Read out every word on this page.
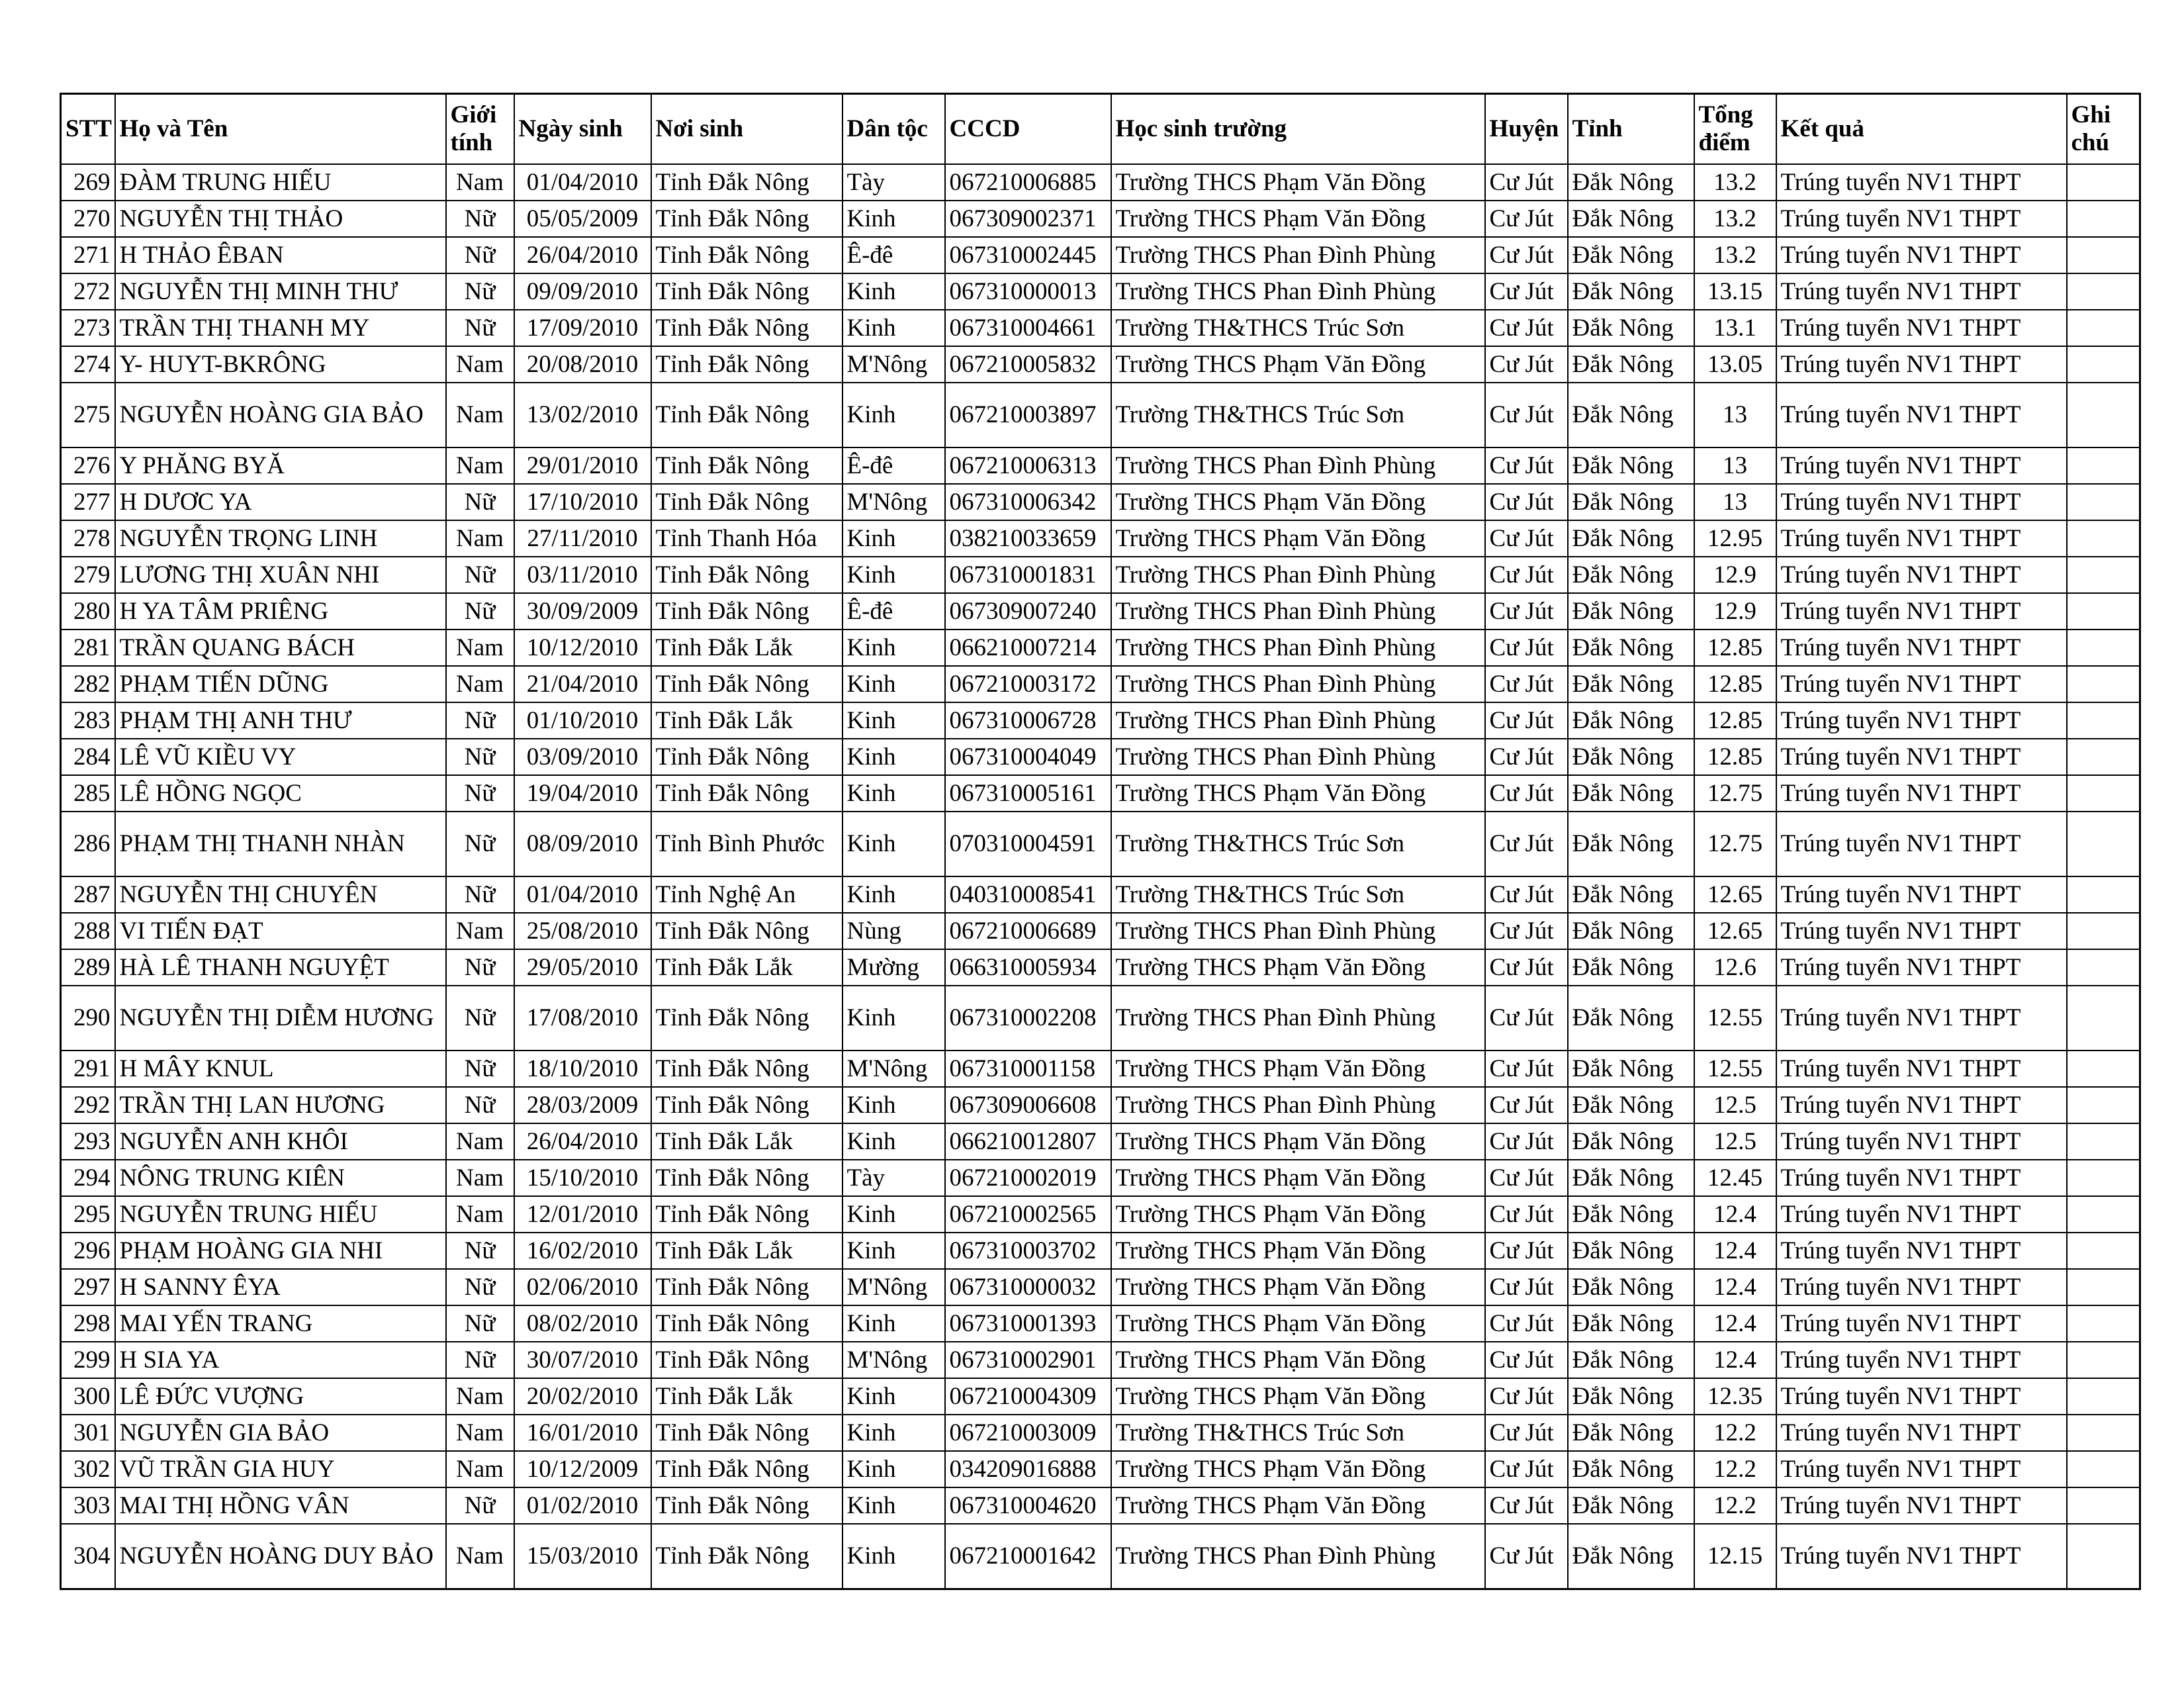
STT	Họ và Tên	Giới tính	Ngày sinh	Nơi sinh	Dân tộc	CCCD	Học sinh trường	Huyện	Tỉnh	Tổng điểm	Kết quả	Ghi chú
269	ĐÀM TRUNG HIẾU	Nam	01/04/2010	Tỉnh Đắk Nông	Tày	067210006885	Trường THCS Phạm Văn Đồng	Cư Jút	Đắk Nông	13.2	Trúng tuyển NV1 THPT	
270	NGUYỄN THỊ THẢO	Nữ	05/05/2009	Tỉnh Đắk Nông	Kinh	067309002371	Trường THCS Phạm Văn Đồng	Cư Jút	Đắk Nông	13.2	Trúng tuyển NV1 THPT	
271	H THẢO ÊBAN	Nữ	26/04/2010	Tỉnh Đắk Nông	Ê-đê	067310002445	Trường THCS Phan Đình Phùng	Cư Jút	Đắk Nông	13.2	Trúng tuyển NV1 THPT	
272	NGUYỄN THỊ MINH THƯ	Nữ	09/09/2010	Tỉnh Đắk Nông	Kinh	067310000013	Trường THCS Phan Đình Phùng	Cư Jút	Đắk Nông	13.15	Trúng tuyển NV1 THPT	
273	TRẦN THỊ THANH MY	Nữ	17/09/2010	Tỉnh Đắk Nông	Kinh	067310004661	Trường TH&THCS Trúc Sơn	Cư Jút	Đắk Nông	13.1	Trúng tuyển NV1 THPT	
274	Y- HUYT-BKRÔNG	Nam	20/08/2010	Tỉnh Đắk Nông	M'Nông	067210005832	Trường THCS Phạm Văn Đồng	Cư Jút	Đắk Nông	13.05	Trúng tuyển NV1 THPT	
275	NGUYỄN HOÀNG GIA BẢO	Nam	13/02/2010	Tỉnh Đắk Nông	Kinh	067210003897	Trường TH&THCS Trúc Sơn	Cư Jút	Đắk Nông	13	Trúng tuyển NV1 THPT	
276	Y PHĂNG BYĂ	Nam	29/01/2010	Tỉnh Đắk Nông	Ê-đê	067210006313	Trường THCS Phan Đình Phùng	Cư Jút	Đắk Nông	13	Trúng tuyển NV1 THPT	
277	H DƯƠC YA	Nữ	17/10/2010	Tỉnh Đắk Nông	M'Nông	067310006342	Trường THCS Phạm Văn Đồng	Cư Jút	Đắk Nông	13	Trúng tuyển NV1 THPT	
278	NGUYỄN TRỌNG LINH	Nam	27/11/2010	Tỉnh Thanh Hóa	Kinh	038210033659	Trường THCS Phạm Văn Đồng	Cư Jút	Đắk Nông	12.95	Trúng tuyển NV1 THPT	
279	LƯƠNG THỊ XUÂN NHI	Nữ	03/11/2010	Tỉnh Đắk Nông	Kinh	067310001831	Trường THCS Phan Đình Phùng	Cư Jút	Đắk Nông	12.9	Trúng tuyển NV1 THPT	
280	H YA TÂM PRIÊNG	Nữ	30/09/2009	Tỉnh Đắk Nông	Ê-đê	067309007240	Trường THCS Phan Đình Phùng	Cư Jút	Đắk Nông	12.9	Trúng tuyển NV1 THPT	
281	TRẦN QUANG BÁCH	Nam	10/12/2010	Tỉnh Đắk Lắk	Kinh	066210007214	Trường THCS Phan Đình Phùng	Cư Jút	Đắk Nông	12.85	Trúng tuyển NV1 THPT	
282	PHẠM TIẾN DŨNG	Nam	21/04/2010	Tỉnh Đắk Nông	Kinh	067210003172	Trường THCS Phan Đình Phùng	Cư Jút	Đắk Nông	12.85	Trúng tuyển NV1 THPT	
283	PHẠM THỊ ANH THƯ	Nữ	01/10/2010	Tỉnh Đắk Lắk	Kinh	067310006728	Trường THCS Phan Đình Phùng	Cư Jút	Đắk Nông	12.85	Trúng tuyển NV1 THPT	
284	LÊ VŨ KIỀU VY	Nữ	03/09/2010	Tỉnh Đắk Nông	Kinh	067310004049	Trường THCS Phan Đình Phùng	Cư Jút	Đắk Nông	12.85	Trúng tuyển NV1 THPT	
285	LÊ HỒNG NGỌC	Nữ	19/04/2010	Tỉnh Đắk Nông	Kinh	067310005161	Trường THCS Phạm Văn Đồng	Cư Jút	Đắk Nông	12.75	Trúng tuyển NV1 THPT	
286	PHẠM THỊ THANH NHÀN	Nữ	08/09/2010	Tỉnh Bình Phước	Kinh	070310004591	Trường TH&THCS Trúc Sơn	Cư Jút	Đắk Nông	12.75	Trúng tuyển NV1 THPT	
287	NGUYỄN THỊ CHUYÊN	Nữ	01/04/2010	Tỉnh Nghệ An	Kinh	040310008541	Trường TH&THCS Trúc Sơn	Cư Jút	Đắk Nông	12.65	Trúng tuyển NV1 THPT	
288	VI TIẾN ĐẠT	Nam	25/08/2010	Tỉnh Đắk Nông	Nùng	067210006689	Trường THCS Phan Đình Phùng	Cư Jút	Đắk Nông	12.65	Trúng tuyển NV1 THPT	
289	HÀ LÊ THANH NGUYỆT	Nữ	29/05/2010	Tỉnh Đắk Lắk	Mường	066310005934	Trường THCS Phạm Văn Đồng	Cư Jút	Đắk Nông	12.6	Trúng tuyển NV1 THPT	
290	NGUYỄN THỊ DIỄM HƯƠNG	Nữ	17/08/2010	Tỉnh Đắk Nông	Kinh	067310002208	Trường THCS Phan Đình Phùng	Cư Jút	Đắk Nông	12.55	Trúng tuyển NV1 THPT	
291	H MÂY KNUL	Nữ	18/10/2010	Tỉnh Đắk Nông	M'Nông	067310001158	Trường THCS Phạm Văn Đồng	Cư Jút	Đắk Nông	12.55	Trúng tuyển NV1 THPT	
292	TRẦN THỊ LAN HƯƠNG	Nữ	28/03/2009	Tỉnh Đắk Nông	Kinh	067309006608	Trường THCS Phan Đình Phùng	Cư Jút	Đắk Nông	12.5	Trúng tuyển NV1 THPT	
293	NGUYỄN ANH KHÔI	Nam	26/04/2010	Tỉnh Đắk Lắk	Kinh	066210012807	Trường THCS Phạm Văn Đồng	Cư Jút	Đắk Nông	12.5	Trúng tuyển NV1 THPT	
294	NÔNG TRUNG KIÊN	Nam	15/10/2010	Tỉnh Đắk Nông	Tày	067210002019	Trường THCS Phạm Văn Đồng	Cư Jút	Đắk Nông	12.45	Trúng tuyển NV1 THPT	
295	NGUYỄN TRUNG HIẾU	Nam	12/01/2010	Tỉnh Đắk Nông	Kinh	067210002565	Trường THCS Phạm Văn Đồng	Cư Jút	Đắk Nông	12.4	Trúng tuyển NV1 THPT	
296	PHẠM HOÀNG GIA NHI	Nữ	16/02/2010	Tỉnh Đắk Lắk	Kinh	067310003702	Trường THCS Phạm Văn Đồng	Cư Jút	Đắk Nông	12.4	Trúng tuyển NV1 THPT	
297	H SANNY ÊYA	Nữ	02/06/2010	Tỉnh Đắk Nông	M'Nông	067310000032	Trường THCS Phạm Văn Đồng	Cư Jút	Đắk Nông	12.4	Trúng tuyển NV1 THPT	
298	MAI YẾN TRANG	Nữ	08/02/2010	Tỉnh Đắk Nông	Kinh	067310001393	Trường THCS Phạm Văn Đồng	Cư Jút	Đắk Nông	12.4	Trúng tuyển NV1 THPT	
299	H SIA YA	Nữ	30/07/2010	Tỉnh Đắk Nông	M'Nông	067310002901	Trường THCS Phạm Văn Đồng	Cư Jút	Đắk Nông	12.4	Trúng tuyển NV1 THPT	
300	LÊ ĐỨC VƯỢNG	Nam	20/02/2010	Tỉnh Đắk Lắk	Kinh	067210004309	Trường THCS Phạm Văn Đồng	Cư Jút	Đắk Nông	12.35	Trúng tuyển NV1 THPT	
301	NGUYỄN GIA BẢO	Nam	16/01/2010	Tỉnh Đắk Nông	Kinh	067210003009	Trường TH&THCS Trúc Sơn	Cư Jút	Đắk Nông	12.2	Trúng tuyển NV1 THPT	
302	VŨ TRẦN GIA HUY	Nam	10/12/2009	Tỉnh Đắk Nông	Kinh	034209016888	Trường THCS Phạm Văn Đồng	Cư Jút	Đắk Nông	12.2	Trúng tuyển NV1 THPT	
303	MAI THỊ HỒNG VÂN	Nữ	01/02/2010	Tỉnh Đắk Nông	Kinh	067310004620	Trường THCS Phạm Văn Đồng	Cư Jút	Đắk Nông	12.2	Trúng tuyển NV1 THPT	
304	NGUYỄN HOÀNG DUY BẢO	Nam	15/03/2010	Tỉnh Đắk Nông	Kinh	067210001642	Trường THCS Phan Đình Phùng	Cư Jút	Đắk Nông	12.15	Trúng tuyển NV1 THPT	
